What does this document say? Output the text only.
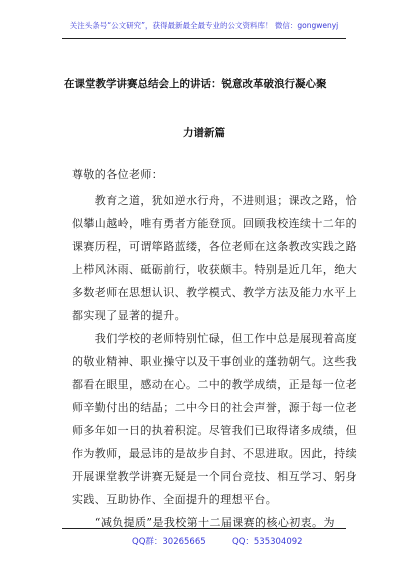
关注头条号“公文研究”，获得最新最全最专业的公文资料库！ 微信：gongwenyj
在课堂教学讲赛总结会上的讲话：锐意改革破浪行凝心聚
力谱新篇
尊敬的各位老师：
　　教育之道，犹如逆水行舟，不进则退；课改之路，恰
似攀山越岭，唯有勇者方能登顶。回顾我校连续十二年的
课赛历程，可谓筚路蓝缕，各位老师在这条教改实践之路
上栉风沐雨、砥砺前行，收获颇丰。特别是近几年，绝大
多数老师在思想认识、教学模式、教学方法及能力水平上
都实现了显著的提升。
　　我们学校的老师特别忙碌，但工作中总是展现着高度
的敬业精神、职业操守以及干事创业的蓬勃朝气。这些我
都看在眼里，感动在心。二中的教学成绩，正是每一位老
师辛勤付出的结晶；二中今日的社会声誉，源于每一位老
师多年如一日的执着积淀。尽管我们已取得诸多成绩，但
作为教师，最忌讳的是故步自封、不思进取。因此，持续
开展课堂教学讲赛无疑是一个同台竞技、相互学习、躬身
实践、互助协作、全面提升的理想平台。
　　“减负提质”是我校第十二届课赛的核心初衷。为
QQ群：30265665	QQ：535304092
